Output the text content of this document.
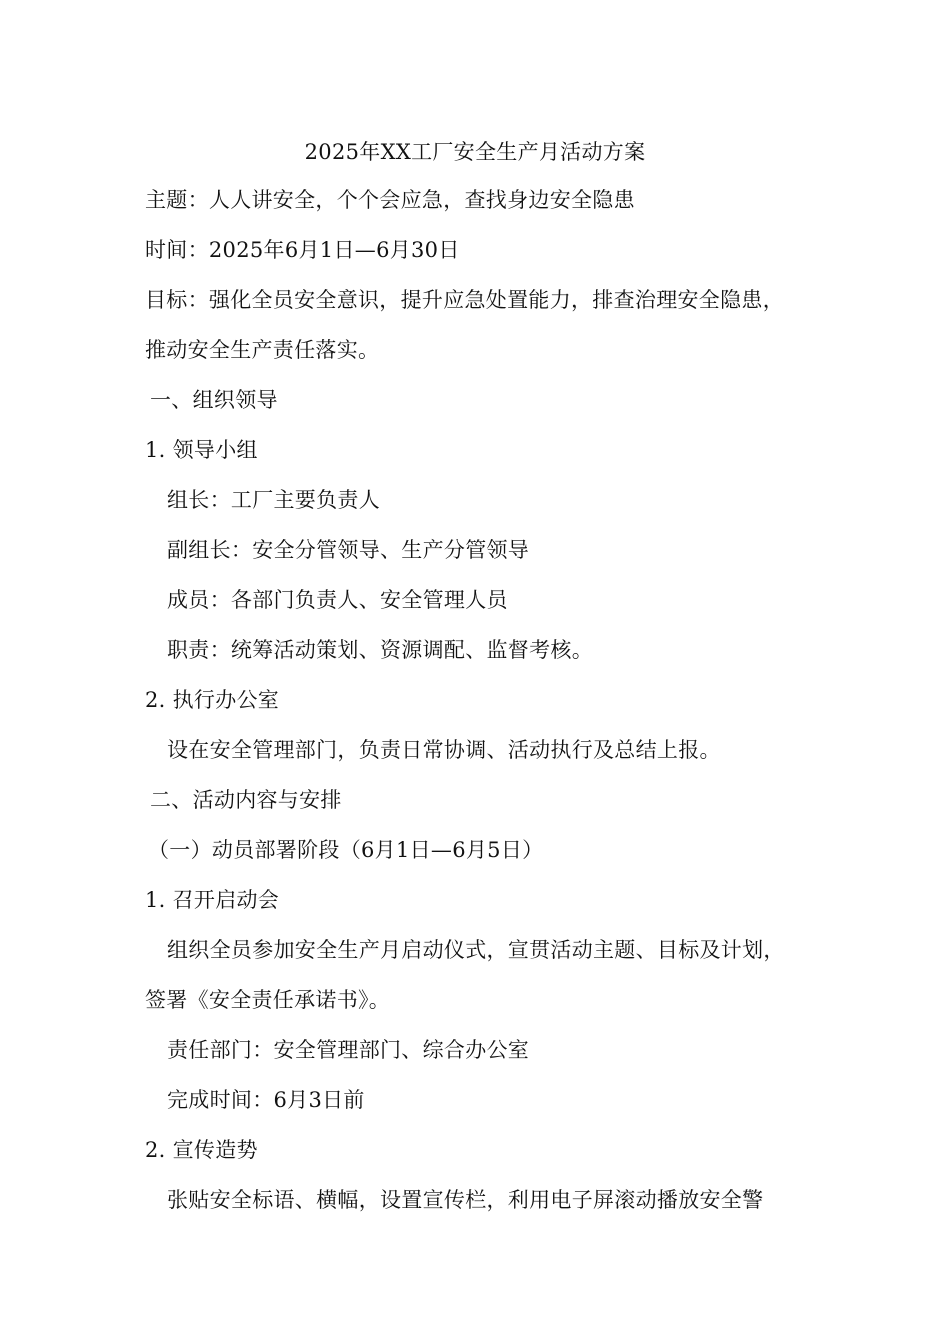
2025年XX工厂安全生产月活动方案
主题：人人讲安全，个个会应急，查找身边安全隐患
时间：2025年6月1日—6月30日
目标：强化全员安全意识，提升应急处置能力，排查治理安全隐患，
推动安全生产责任落实。
一、组织领导
1. 领导小组
组长：工厂主要负责人
副组长：安全分管领导、生产分管领导
成员：各部门负责人、安全管理人员
职责：统筹活动策划、资源调配、监督考核。
2. 执行办公室
设在安全管理部门，负责日常协调、活动执行及总结上报。
二、活动内容与安排
（一）动员部署阶段（6月1日—6月5日）
1. 召开启动会
组织全员参加安全生产月启动仪式，宣贯活动主题、目标及计划，
签署《安全责任承诺书》。
责任部门：安全管理部门、综合办公室
完成时间：6月3日前
2. 宣传造势
张贴安全标语、横幅，设置宣传栏，利用电子屏滚动播放安全警
